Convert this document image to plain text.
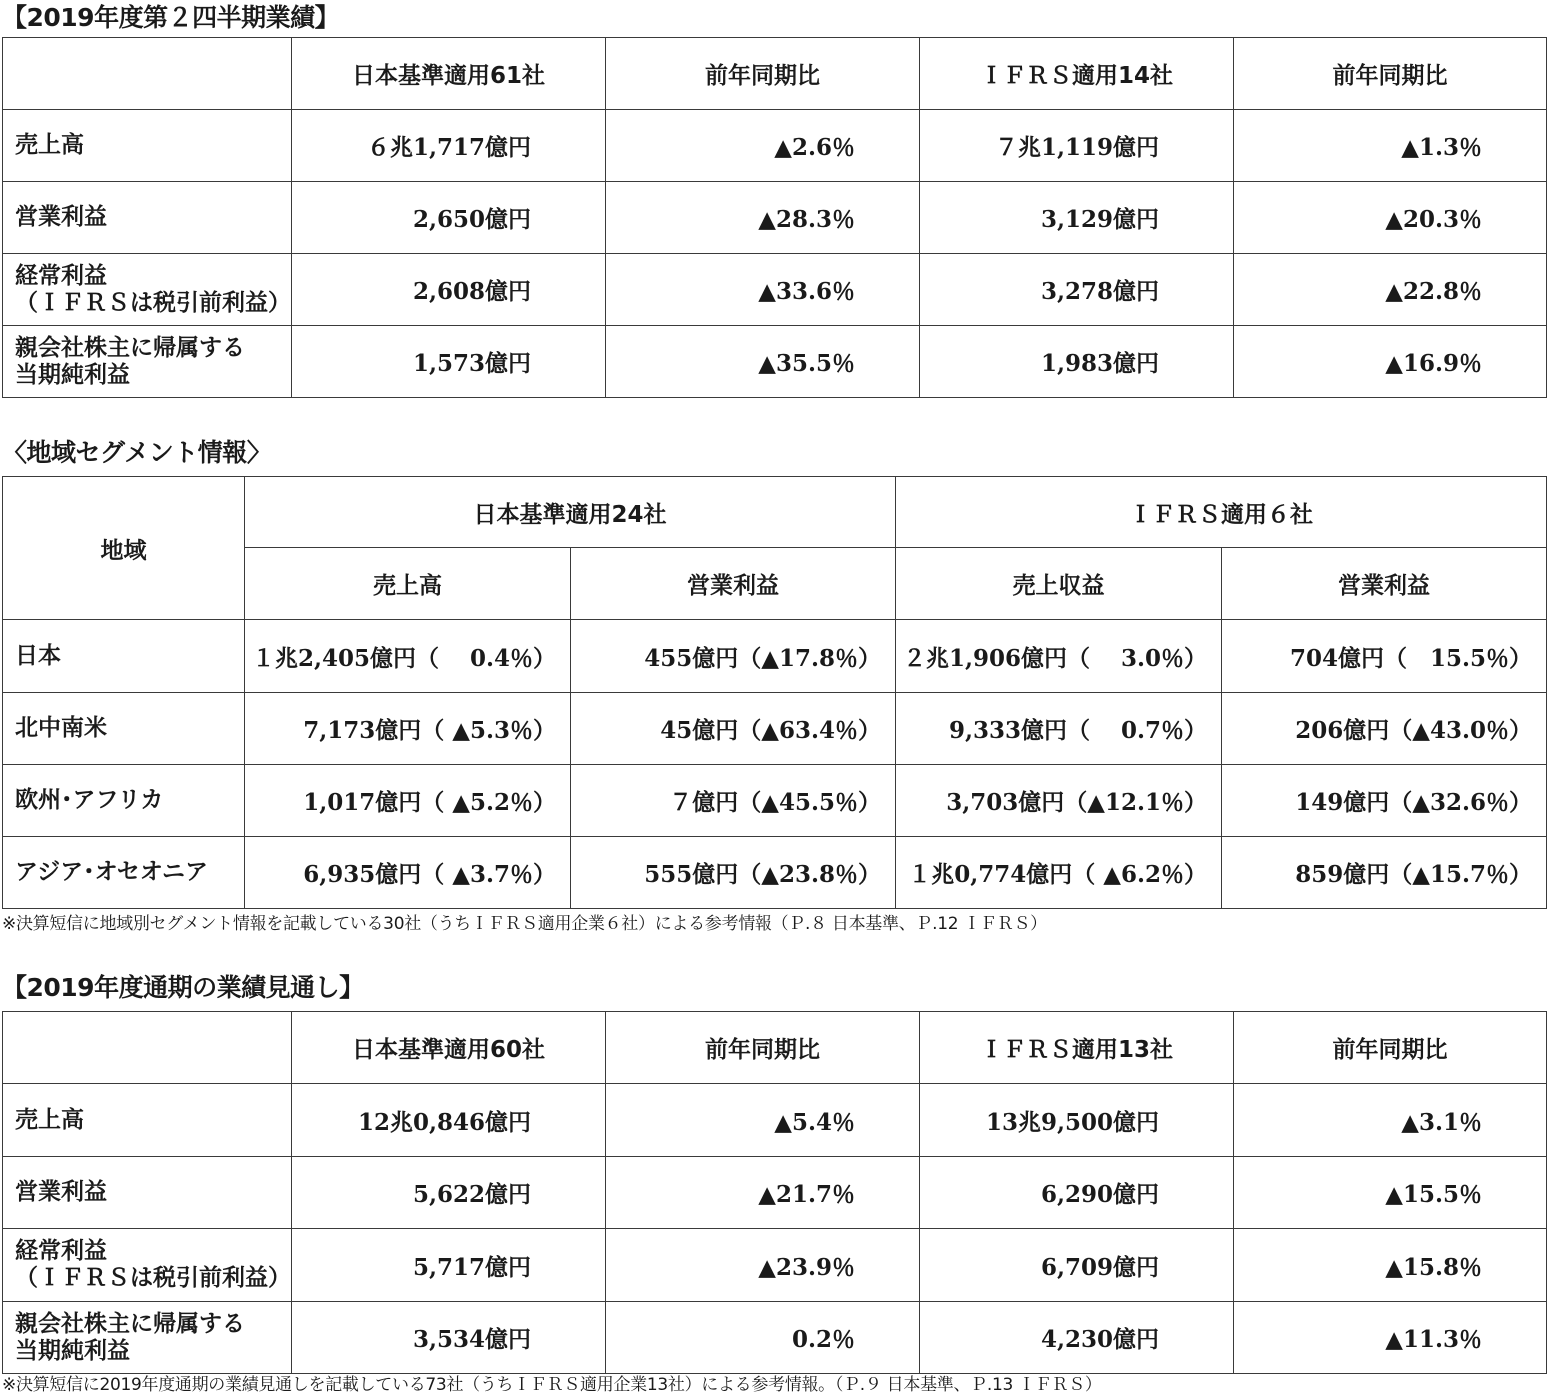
【2019年度第２四半期業績】
	日本基準適用61社	前年同期比	ＩＦＲＳ適用14社	前年同期比
売上高	６兆1,717億円	▲2.6％	７兆1,119億円	▲1.3％
営業利益	2,650億円	▲28.3％	3,129億円	▲20.3％

経常利益
（ＩＦＲＳは税引前利益）	2,608億円	▲33.6％	3,278億円	▲22.8％

親会社株主に帰属する
当期純利益	1,573億円	▲35.5％	1,983億円	▲16.9％
〈地域セグメント情報〉
地域	日本基準適用24社		ＩＦＲＳ適用６社	
	売上高	営業利益	売上収益	営業利益
日本	１兆2,405億円（　 0.4％）	455億円（▲17.8％）	２兆1,906億円（　 3.0％）	704億円（　15.5％）
北中南米	7,173億円（ ▲5.3％）	45億円（▲63.4％）	9,333億円（　 0.7％）	206億円（▲43.0％）
欧州･アフリカ	1,017億円（ ▲5.2％）	７億円（▲45.5％）	3,703億円（▲12.1％）	149億円（▲32.6％）
アジア･オセオニア	6,935億円（ ▲3.7％）	555億円（▲23.8％）	１兆0,774億円（ ▲6.2％）	859億円（▲15.7％）
※決算短信に地域別セグメント情報を記載している30社（うちＩＦＲＳ適用企業６社）による参考情報（Ｐ.８ 日本基準、Ｐ.12 ＩＦＲＳ）
【2019年度通期の業績見通し】
	日本基準適用60社	前年同期比	ＩＦＲＳ適用13社	前年同期比
売上高	12兆0,846億円	▲5.4％	13兆9,500億円	▲3.1％
営業利益	5,622億円	▲21.7％	6,290億円	▲15.5％

経常利益
（ＩＦＲＳは税引前利益）	5,717億円	▲23.9％	6,709億円	▲15.8％

親会社株主に帰属する
当期純利益	3,534億円	0.2％	4,230億円	▲11.3％
※決算短信に2019年度通期の業績見通しを記載している73社（うちＩＦＲＳ適用企業13社）による参考情報。（Ｐ.９ 日本基準、Ｐ.13 ＩＦＲＳ）
